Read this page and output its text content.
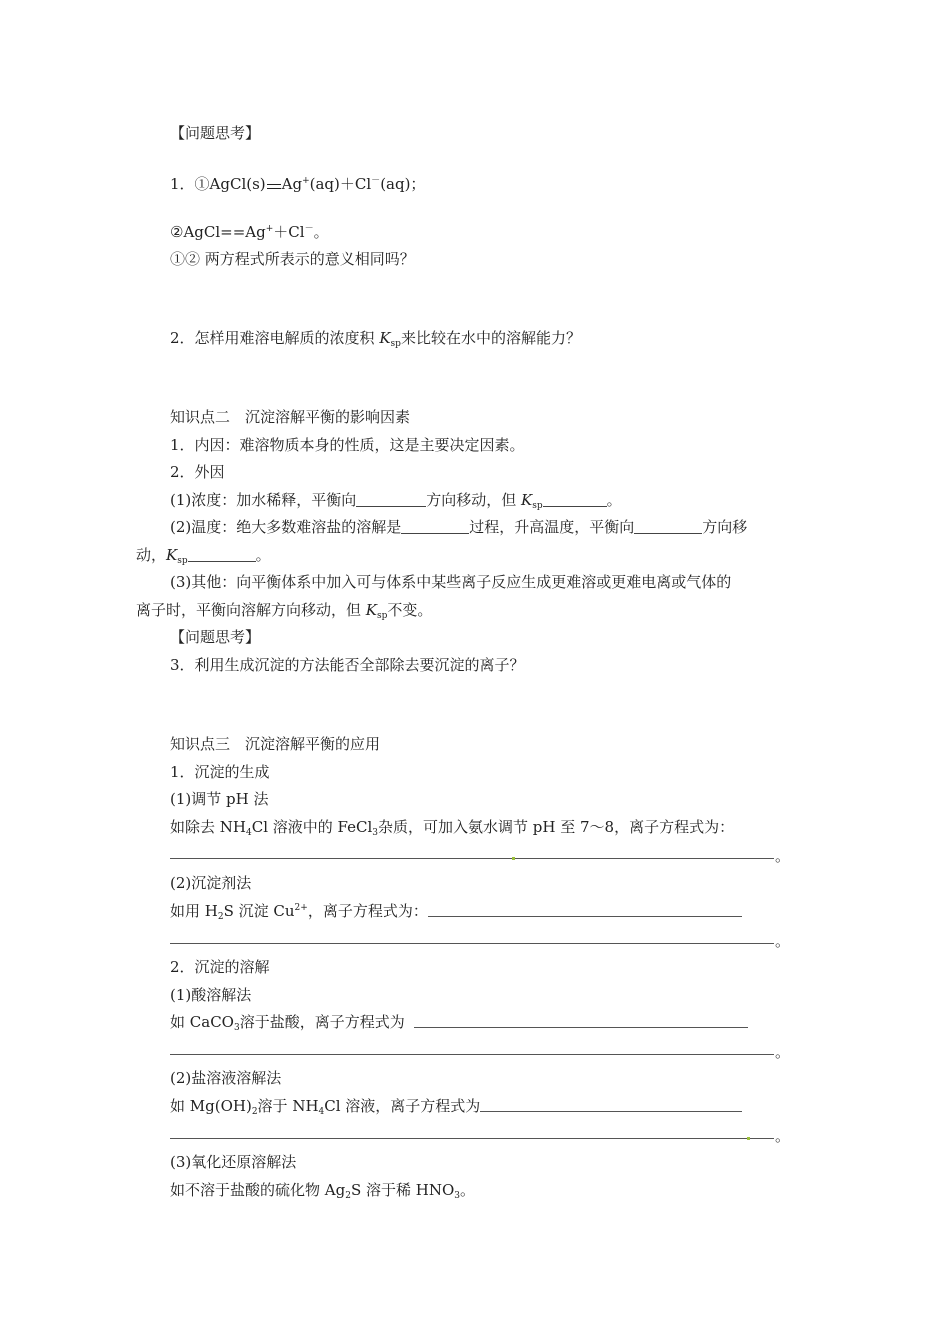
【问题思考】
1．①AgCl(s) Ag+(aq)＋Cl－(aq)；
②AgCl==Ag+＋Cl－。
①② 两方程式所表示的意义相同吗？
2．怎样用难溶电解质的浓度积 $K_{sp}$来比较在水中的溶解能力？
知识点二　沉淀溶解平衡的影响因素
1．内因：难溶物质本身的性质，这是主要决定因素。
2．外因
(1)浓度：加水稀释，平衡向	方向移动，但 $K_{sp}$	。
(2)温度：绝大多数难溶盐的溶解是	过程，升高温度，平衡向	方向移
动，$K_{sp}$	。
(3)其他：向平衡体系中加入可与体系中某些离子反应生成更难溶或更难电离或气体的
离子时，平衡向溶解方向移动，但 $K_{sp}$不变。
【问题思考】
3．利用生成沉淀的方法能否全部除去要沉淀的离子？
知识点三　沉淀溶解平衡的应用
1．沉淀的生成
(1)调节 pH 法
如除去 $NH_4Cl$ 溶液中的 FeCl$_3$杂质，可加入氨水调节 pH 至 7～8，离子方程式为：
。
(2)沉淀剂法
如用 $H_2S$ 沉淀 $Cu^{2+}$，离子方程式为：
。
2．沉淀的溶解
(1)酸溶解法
如 CaCO$_3$溶于盐酸，离子方程式为
。
(2)盐溶液溶解法
如 $Mg(OH)_2$溶于 $NH_4Cl$ 溶液，离子方程式为
。
(3)氧化还原溶解法
如不溶于盐酸的硫化物 $Ag_2S$ 溶于稀 $HNO_3$。
